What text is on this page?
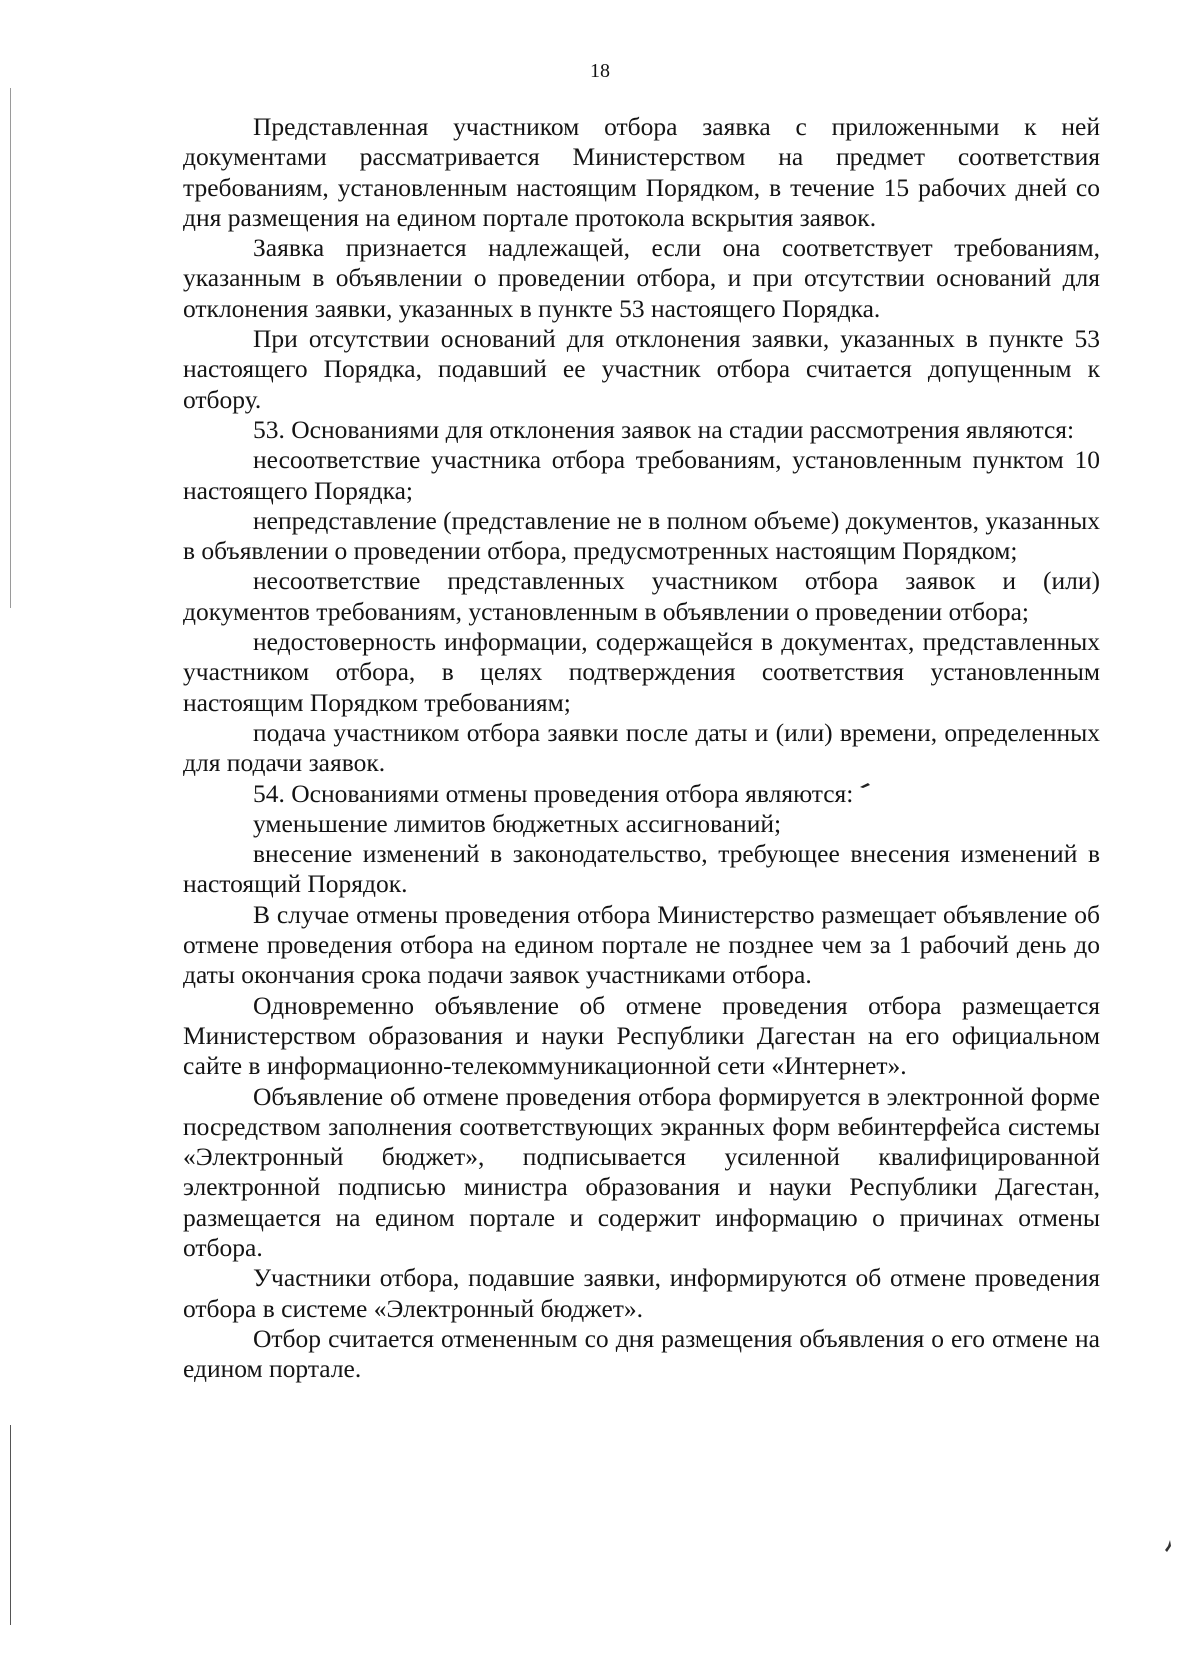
18

Представленная участником отбора заявка с приложенными к ней документами рассматривается Министерством на предмет соответствия требованиям, установленным настоящим Порядком, в течение 15 рабочих дней со дня размещения на едином портале протокола вскрытия заявок.

Заявка признается надлежащей, если она соответствует требованиям, указанным в объявлении о проведении отбора, и при отсутствии оснований для отклонения заявки, указанных в пункте 53 настоящего Порядка.

При отсутствии оснований для отклонения заявки, указанных в пункте 53 настоящего Порядка, подавший ее участник отбора считается допущенным к отбору.

53. Основаниями для отклонения заявок на стадии рассмотрения являются:

несоответствие участника отбора требованиям, установленным пунктом 10 настоящего Порядка;

непредставление (представление не в полном объеме) документов, указанных в объявлении о проведении отбора, предусмотренных настоящим Порядком;

несоответствие представленных участником отбора заявок и (или) документов требованиям, установленным в объявлении о проведении отбора;

недостоверность информации, содержащейся в документах, представленных участником отбора, в целях подтверждения соответствия установленным настоящим Порядком требованиям;

подача участником отбора заявки после даты и (или) времени, определенных для подачи заявок.

54. Основаниями отмены проведения отбора являются:

уменьшение лимитов бюджетных ассигнований;

внесение изменений в законодательство, требующее внесения изменений в настоящий Порядок.

В случае отмены проведения отбора Министерство размещает объявление об отмене проведения отбора на едином портале не позднее чем за 1 рабочий день до даты окончания срока подачи заявок участниками отбора.

Одновременно объявление об отмене проведения отбора размещается Министерством образования и науки Республики Дагестан на его официальном сайте в информационно-телекоммуникационной сети «Интернет».

Объявление об отмене проведения отбора формируется в электронной форме посредством заполнения соответствующих экранных форм вебинтерфейса системы «Электронный бюджет», подписывается усиленной квалифицированной электронной подписью министра образования и науки Республики Дагестан, размещается на едином портале и содержит информацию о причинах отмены отбора.

Участники отбора, подавшие заявки, информируются об отмене проведения отбора в системе «Электронный бюджет».

Отбор считается отмененным со дня размещения объявления о его отмене на едином портале.
